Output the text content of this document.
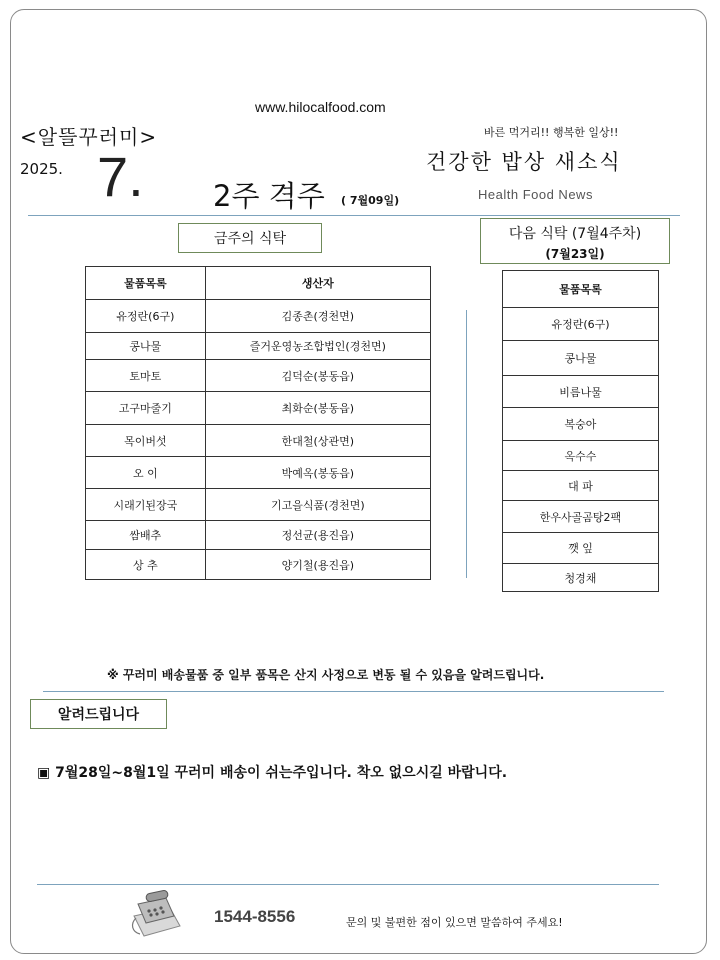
www.hilocalfood.com
<알뜰꾸러미>
2025. 7. 2주 격주 ( 7월09일)
바른 먹거리!! 행복한 일상!!
건강한 밥상 새소식
Health Food News
금주의 식탁	다음 식탁 (7월4주차)
(7월23일)
물품목록	생산자
유정란(6구)	김종촌(경천면)
콩나물	즐거운영농조합법인(경천면)
토마토	김덕순(봉동읍)
고구마줄기	최화순(봉동읍)
목이버섯	한대철(상관면)
오 이	박예옥(봉동읍)
시래기된장국	기고을식품(경천면)
쌈배추	정선균(용진읍)
상 추	양기철(용진읍)
물품목록
유정란(6구)
콩나물
비름나물
복숭아
옥수수
대 파
한우사골곰탕2팩
깻 잎
청경채
※ 꾸러미 배송물품 중 일부 품목은 산지 사정으로 변동 될 수 있음을 알려드립니다.
알려드립니다
▣ 7월28일~8월1일 꾸러미 배송이 쉬는주입니다. 착오 없으시길 바랍니다.
1544-8556	문의 및 불편한 점이 있으면 말씀하여 주세요!
